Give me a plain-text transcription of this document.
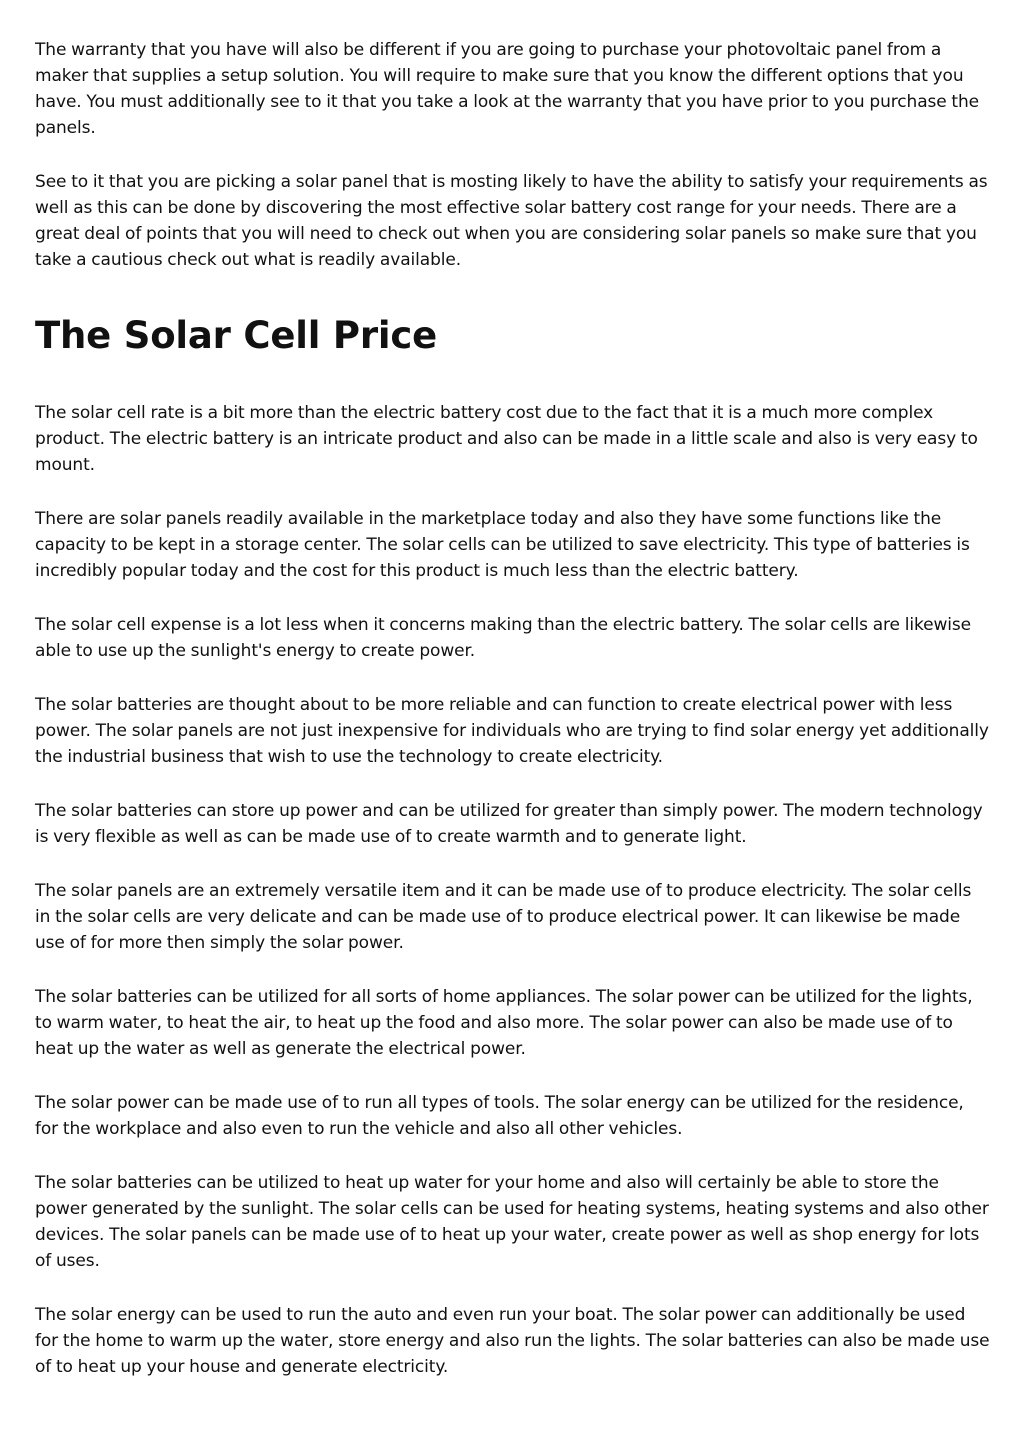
The warranty that you have will also be different if you are going to purchase your photovoltaic panel from a maker that supplies a setup solution. You will require to make sure that you know the different options that you have. You must additionally see to it that you take a look at the warranty that you have prior to you purchase the panels.

See to it that you are picking a solar panel that is mosting likely to have the ability to satisfy your requirements as well as this can be done by discovering the most effective solar battery cost range for your needs. There are a great deal of points that you will need to check out when you are considering solar panels so make sure that you take a cautious check out what is readily available.

The Solar Cell Price

The solar cell rate is a bit more than the electric battery cost due to the fact that it is a much more complex product. The electric battery is an intricate product and also can be made in a little scale and also is very easy to mount.

There are solar panels readily available in the marketplace today and also they have some functions like the capacity to be kept in a storage center. The solar cells can be utilized to save electricity. This type of batteries is incredibly popular today and the cost for this product is much less than the electric battery.

The solar cell expense is a lot less when it concerns making than the electric battery. The solar cells are likewise able to use up the sunlight's energy to create power.

The solar batteries are thought about to be more reliable and can function to create electrical power with less power. The solar panels are not just inexpensive for individuals who are trying to find solar energy yet additionally the industrial business that wish to use the technology to create electricity.

The solar batteries can store up power and can be utilized for greater than simply power. The modern technology is very flexible as well as can be made use of to create warmth and to generate light.

The solar panels are an extremely versatile item and it can be made use of to produce electricity. The solar cells in the solar cells are very delicate and can be made use of to produce electrical power. It can likewise be made use of for more then simply the solar power.

The solar batteries can be utilized for all sorts of home appliances. The solar power can be utilized for the lights, to warm water, to heat the air, to heat up the food and also more. The solar power can also be made use of to heat up the water as well as generate the electrical power.

The solar power can be made use of to run all types of tools. The solar energy can be utilized for the residence, for the workplace and also even to run the vehicle and also all other vehicles.

The solar batteries can be utilized to heat up water for your home and also will certainly be able to store the power generated by the sunlight. The solar cells can be used for heating systems, heating systems and also other devices. The solar panels can be made use of to heat up your water, create power as well as shop energy for lots of uses.

The solar energy can be used to run the auto and even run your boat. The solar power can additionally be used for the home to warm up the water, store energy and also run the lights. The solar batteries can also be made use of to heat up your house and generate electricity.
